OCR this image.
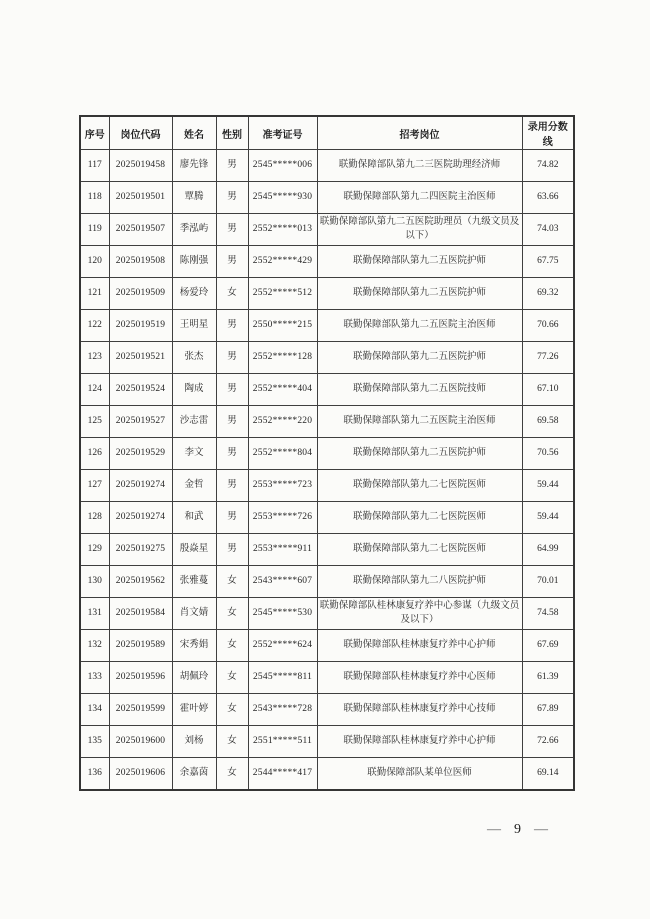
序号	岗位代码	姓名	性别	准考证号	招考岗位	录用分数线
117	2025019458	廖先锋	男	2545*****006	联勤保障部队第九二三医院助理经济师	74.82
118	2025019501	覃腾	男	2545*****930	联勤保障部队第九二四医院主治医师	63.66
119	2025019507	季泓屿	男	2552*****013	联勤保障部队第九二五医院助理员（九级文员及以下）	74.03
120	2025019508	陈刚强	男	2552*****429	联勤保障部队第九二五医院护师	67.75
121	2025019509	杨爱玲	女	2552*****512	联勤保障部队第九二五医院护师	69.32
122	2025019519	王明星	男	2550*****215	联勤保障部队第九二五医院主治医师	70.66
123	2025019521	张杰	男	2552*****128	联勤保障部队第九二五医院护师	77.26
124	2025019524	陶成	男	2552*****404	联勤保障部队第九二五医院技师	67.10
125	2025019527	沙志雷	男	2552*****220	联勤保障部队第九二五医院主治医师	69.58
126	2025019529	李文	男	2552*****804	联勤保障部队第九二五医院护师	70.56
127	2025019274	金哲	男	2553*****723	联勤保障部队第九二七医院医师	59.44
128	2025019274	和武	男	2553*****726	联勤保障部队第九二七医院医师	59.44
129	2025019275	殷焱星	男	2553*****911	联勤保障部队第九二七医院医师	64.99
130	2025019562	张雅蔓	女	2543*****607	联勤保障部队第九二八医院护师	70.01
131	2025019584	肖文婧	女	2545*****530	联勤保障部队桂林康复疗养中心参谋（九级文员及以下）	74.58
132	2025019589	宋秀娟	女	2552*****624	联勤保障部队桂林康复疗养中心护师	67.69
133	2025019596	胡佩玲	女	2545*****811	联勤保障部队桂林康复疗养中心医师	61.39
134	2025019599	霍叶婷	女	2543*****728	联勤保障部队桂林康复疗养中心技师	67.89
135	2025019600	刘杨	女	2551*****511	联勤保障部队桂林康复疗养中心护师	72.66
136	2025019606	余嘉茵	女	2544*****417	联勤保障部队某单位医师	69.14
— 9 —
